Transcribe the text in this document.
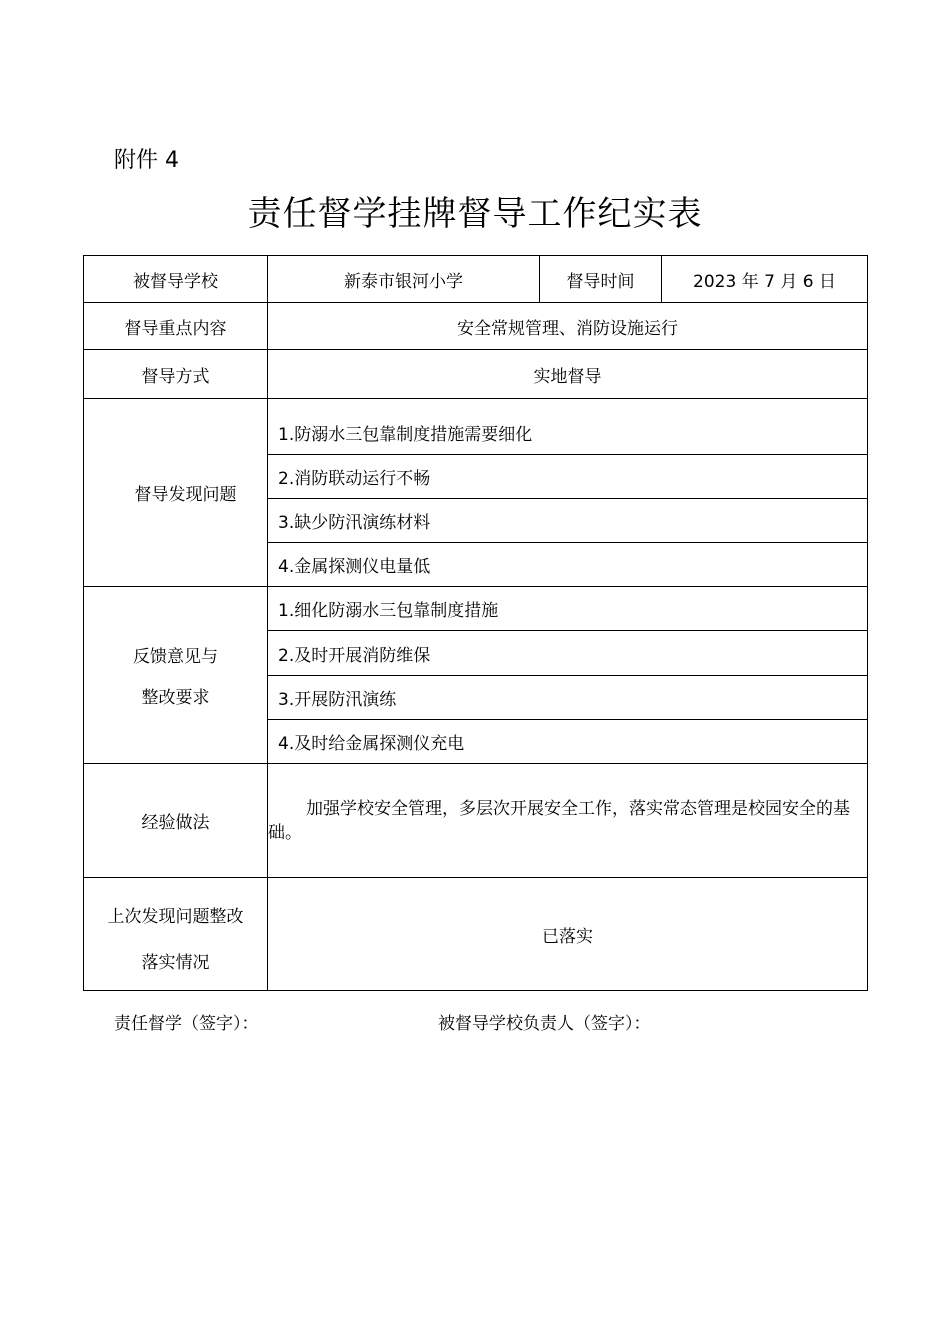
附件 4
责任督学挂牌督导工作纪实表
被督导学校	新泰市银河小学	督导时间	2023 年 7 月 6 日
督导重点内容	安全常规管理、消防设施运行		
督导方式	实地督导		
督导发现问题	1.防溺水三包靠制度措施需要细化		
	2.消防联动运行不畅		
	3.缺少防汛演练材料		
	4.金属探测仪电量低		

反馈意见与
整改要求	1.细化防溺水三包靠制度措施		
	2.及时开展消防维保		
	3.开展防汛演练		
	4.及时给金属探测仪充电		
经验做法	加强学校安全管理，多层次开展安全工作，落实常态管理是校园安全的基础。		

上次发现问题整改
落实情况	已落实		
责任督学（签字）：	被督导学校负责人（签字）：
